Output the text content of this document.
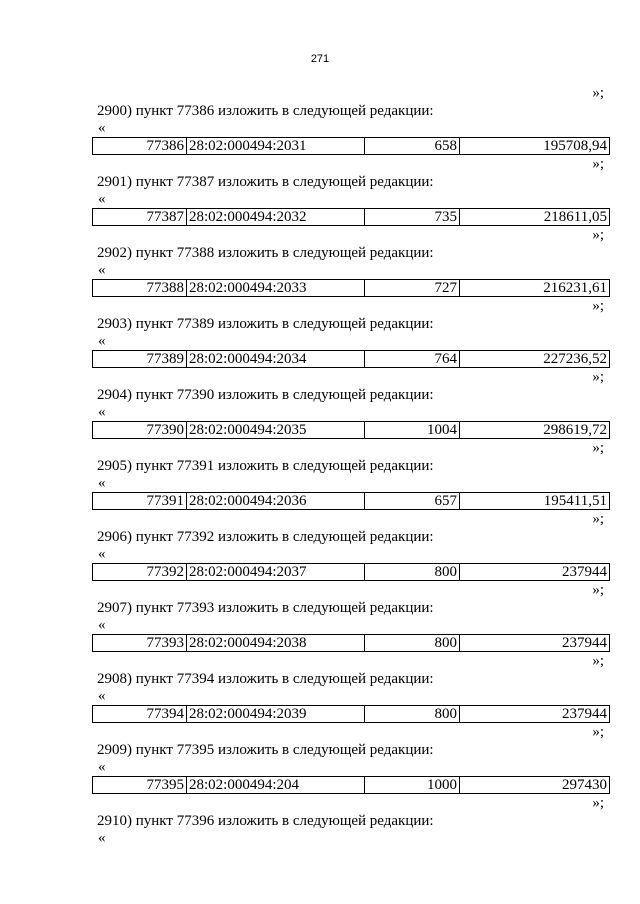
271
»;
2900) пункт 77386 изложить в следующей редакции:
«
77386	28:02:000494:2031	658	195708,94
»;
2901) пункт 77387 изложить в следующей редакции:
«
77387	28:02:000494:2032	735	218611,05
»;
2902) пункт 77388 изложить в следующей редакции:
«
77388	28:02:000494:2033	727	216231,61
»;
2903) пункт 77389 изложить в следующей редакции:
«
77389	28:02:000494:2034	764	227236,52
»;
2904) пункт 77390 изложить в следующей редакции:
«
77390	28:02:000494:2035	1004	298619,72
»;
2905) пункт 77391 изложить в следующей редакции:
«
77391	28:02:000494:2036	657	195411,51
»;
2906) пункт 77392 изложить в следующей редакции:
«
77392	28:02:000494:2037	800	237944
»;
2907) пункт 77393 изложить в следующей редакции:
«
77393	28:02:000494:2038	800	237944
»;
2908) пункт 77394 изложить в следующей редакции:
«
77394	28:02:000494:2039	800	237944
»;
2909) пункт 77395 изложить в следующей редакции:
«
77395	28:02:000494:204	1000	297430
»;
2910) пункт 77396 изложить в следующей редакции:
«
